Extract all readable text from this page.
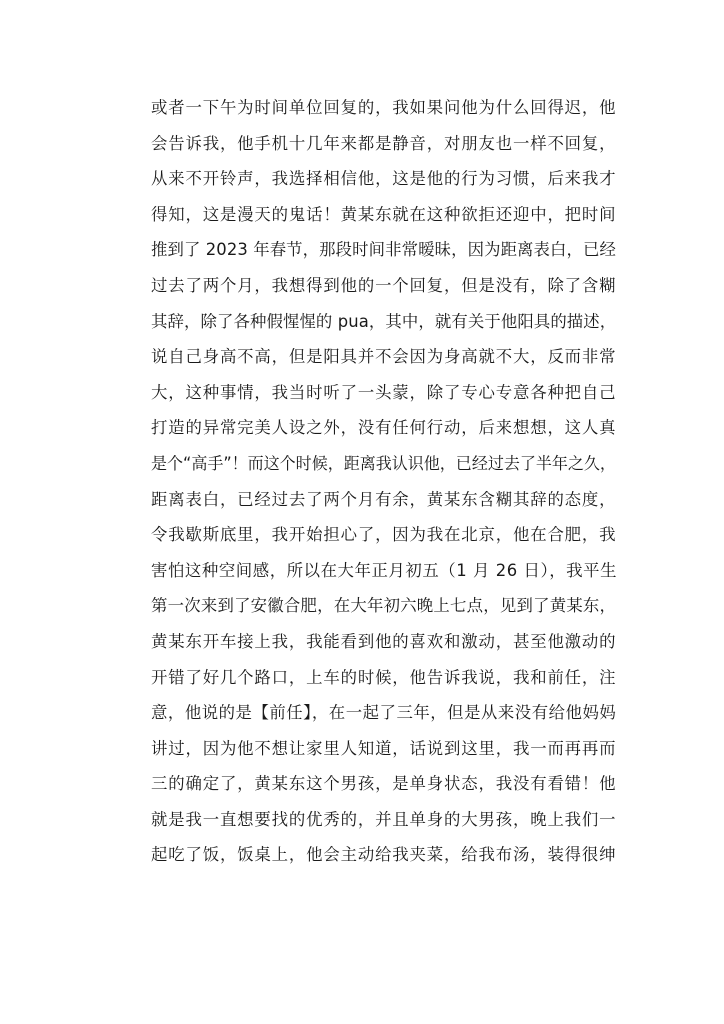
或者一下午为时间单位回复的，我如果问他为什么回得迟，他
会告诉我，他手机十几年来都是静音，对朋友也一样不回复，
从来不开铃声，我选择相信他，这是他的行为习惯，后来我才
得知，这是漫天的鬼话！黄某东就在这种欲拒还迎中，把时间
推到了 2023 年春节，那段时间非常暧昧，因为距离表白，已经
过去了两个月，我想得到他的一个回复，但是没有，除了含糊
其辞，除了各种假惺惺的 pua，其中，就有关于他阳具的描述，
说自己身高不高，但是阳具并不会因为身高就不大，反而非常
大，这种事情，我当时听了一头蒙，除了专心专意各种把自己
打造的异常完美人设之外，没有任何行动，后来想想，这人真
是个“高手”！而这个时候，距离我认识他，已经过去了半年之久，
距离表白，已经过去了两个月有余，黄某东含糊其辞的态度，
令我歇斯底里，我开始担心了，因为我在北京，他在合肥，我
害怕这种空间感，所以在大年正月初五（1 月 26 日），我平生
第一次来到了安徽合肥，在大年初六晚上七点，见到了黄某东，
黄某东开车接上我，我能看到他的喜欢和激动，甚至他激动的
开错了好几个路口，上车的时候，他告诉我说，我和前任，注
意，他说的是【前任】，在一起了三年，但是从来没有给他妈妈
讲过，因为他不想让家里人知道，话说到这里，我一而再再而
三的确定了，黄某东这个男孩，是单身状态，我没有看错！他
就是我一直想要找的优秀的，并且单身的大男孩，晚上我们一
起吃了饭，饭桌上，他会主动给我夹菜，给我布汤，装得很绅
